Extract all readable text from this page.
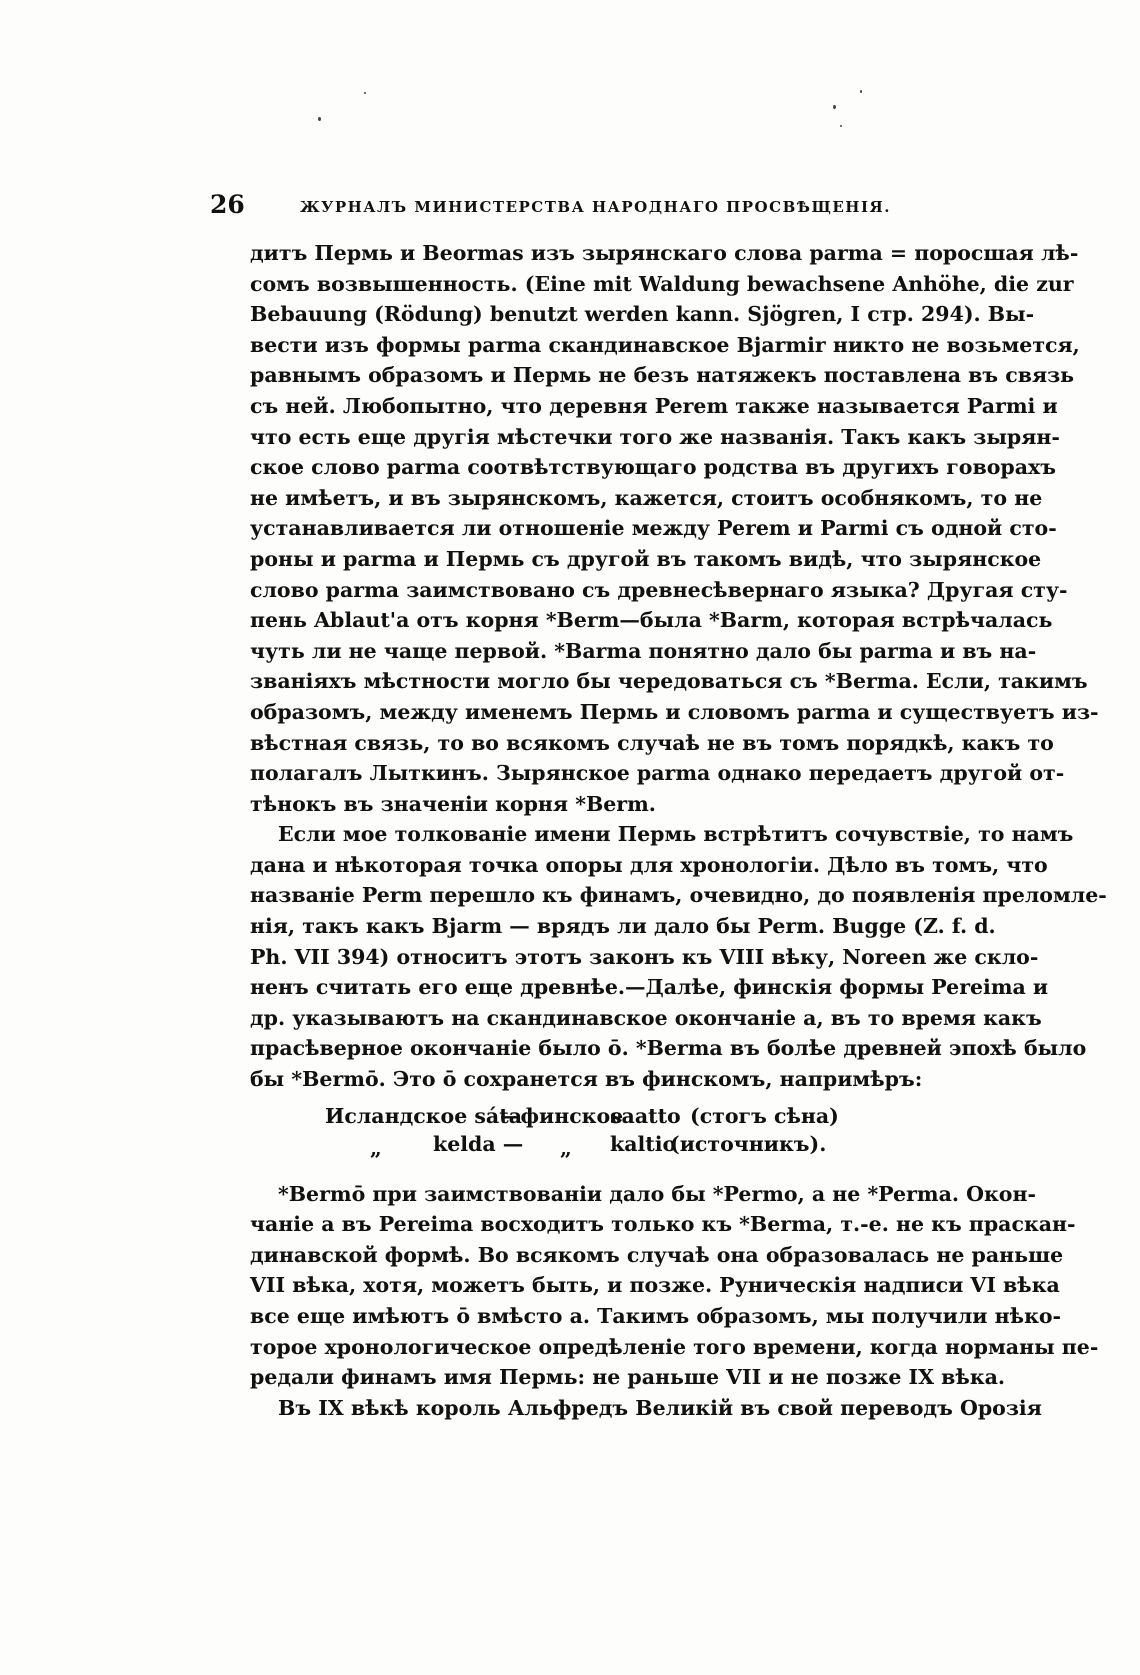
26	ЖУРНАЛЪ МИНИСТЕРСТВА НАРОДНАГО ПРОСВѢЩЕНІЯ.
дитъ Пермь и Beormas изъ зырянскаго слова parma = поросшая лѣ-
сомъ возвышенность. (Eine mit Waldung bewachsene Anhöhe, die zur
Bebauung (Rödung) benutzt werden kann. Sjögren, I стр. 294). Вы-
вести изъ формы parma скандинавское Bjarmir никто не возьмется,
равнымъ образомъ и Пермь не безъ натяжекъ поставлена въ связь
съ ней. Любопытно, что деревня Perem также называется Parmi и
что есть еще другія мѣстечки того же названія. Такъ какъ зырян-
ское слово parma соотвѣтствующаго родства въ другихъ говорахъ
не имѣетъ, и въ зырянскомъ, кажется, стоитъ особнякомъ, то не
устанавливается ли отношеніе между Perem и Parmi съ одной сто-
роны и parma и Пермь съ другой въ такомъ видѣ, что зырянское
слово parma заимствовано съ древнесѣвернаго языка? Другая сту-
пень Ablaut'а отъ корня *Berm—была *Barm, которая встрѣчалась
чуть ли не чаще первой. *Barma понятно дало бы parma и въ на-
званіяхъ мѣстности могло бы чередоваться съ *Berma. Если, такимъ
образомъ, между именемъ Пермь и словомъ parma и существуетъ из-
вѣстная связь, то во всякомъ случаѣ не въ томъ порядкѣ, какъ то
полагалъ Лыткинъ. Зырянское parma однако передаетъ другой от-
тѣнокъ въ значеніи корня *Berm.
Если мое толкованіе имени Пермь встрѣтитъ сочувствіе, то намъ
дана и нѣкоторая точка опоры для хронологіи. Дѣло въ томъ, что
названіе Perm перешло къ финамъ, очевидно, до появленія преломле-
нія, такъ какъ Bjarm — врядъ ли дало бы Perm. Bugge (Z. f. d.
Ph. VII 394) относитъ этотъ законъ къ VIII вѣку, Noreen же скло-
ненъ считать его еще древнѣе.—Далѣе, финскія формы Pereima и
др. указываютъ на скандинавское окончаніе a, въ то время какъ
прасѣверное окончаніе было ō. *Berma въ болѣе древней эпохѣ было
бы *Bermō. Это ō сохранется въ финскомъ, напримѣръ:
Исландское sáta
—финское
saatto (стогъ сѣна)
„ kelda — „ kaltio
(источникъ).
*Bermō при заимствованіи дало бы *Permo, а не *Perma. Окон-
чаніе a въ Pereima восходитъ только къ *Berma, т.-е. не къ праскан-
динавской формѣ. Во всякомъ случаѣ она образовалась не раньше
VII вѣка, хотя, можетъ быть, и позже. Руническія надписи VI вѣка
все еще имѣютъ ō вмѣсто a. Такимъ образомъ, мы получили нѣко-
торое хронологическое опредѣленіе того времени, когда норманы пе-
редали финамъ имя Пермь: не раньше VII и не позже IX вѣка.
Въ IX вѣкѣ король Альфредъ Великій въ свой переводъ Орозія
